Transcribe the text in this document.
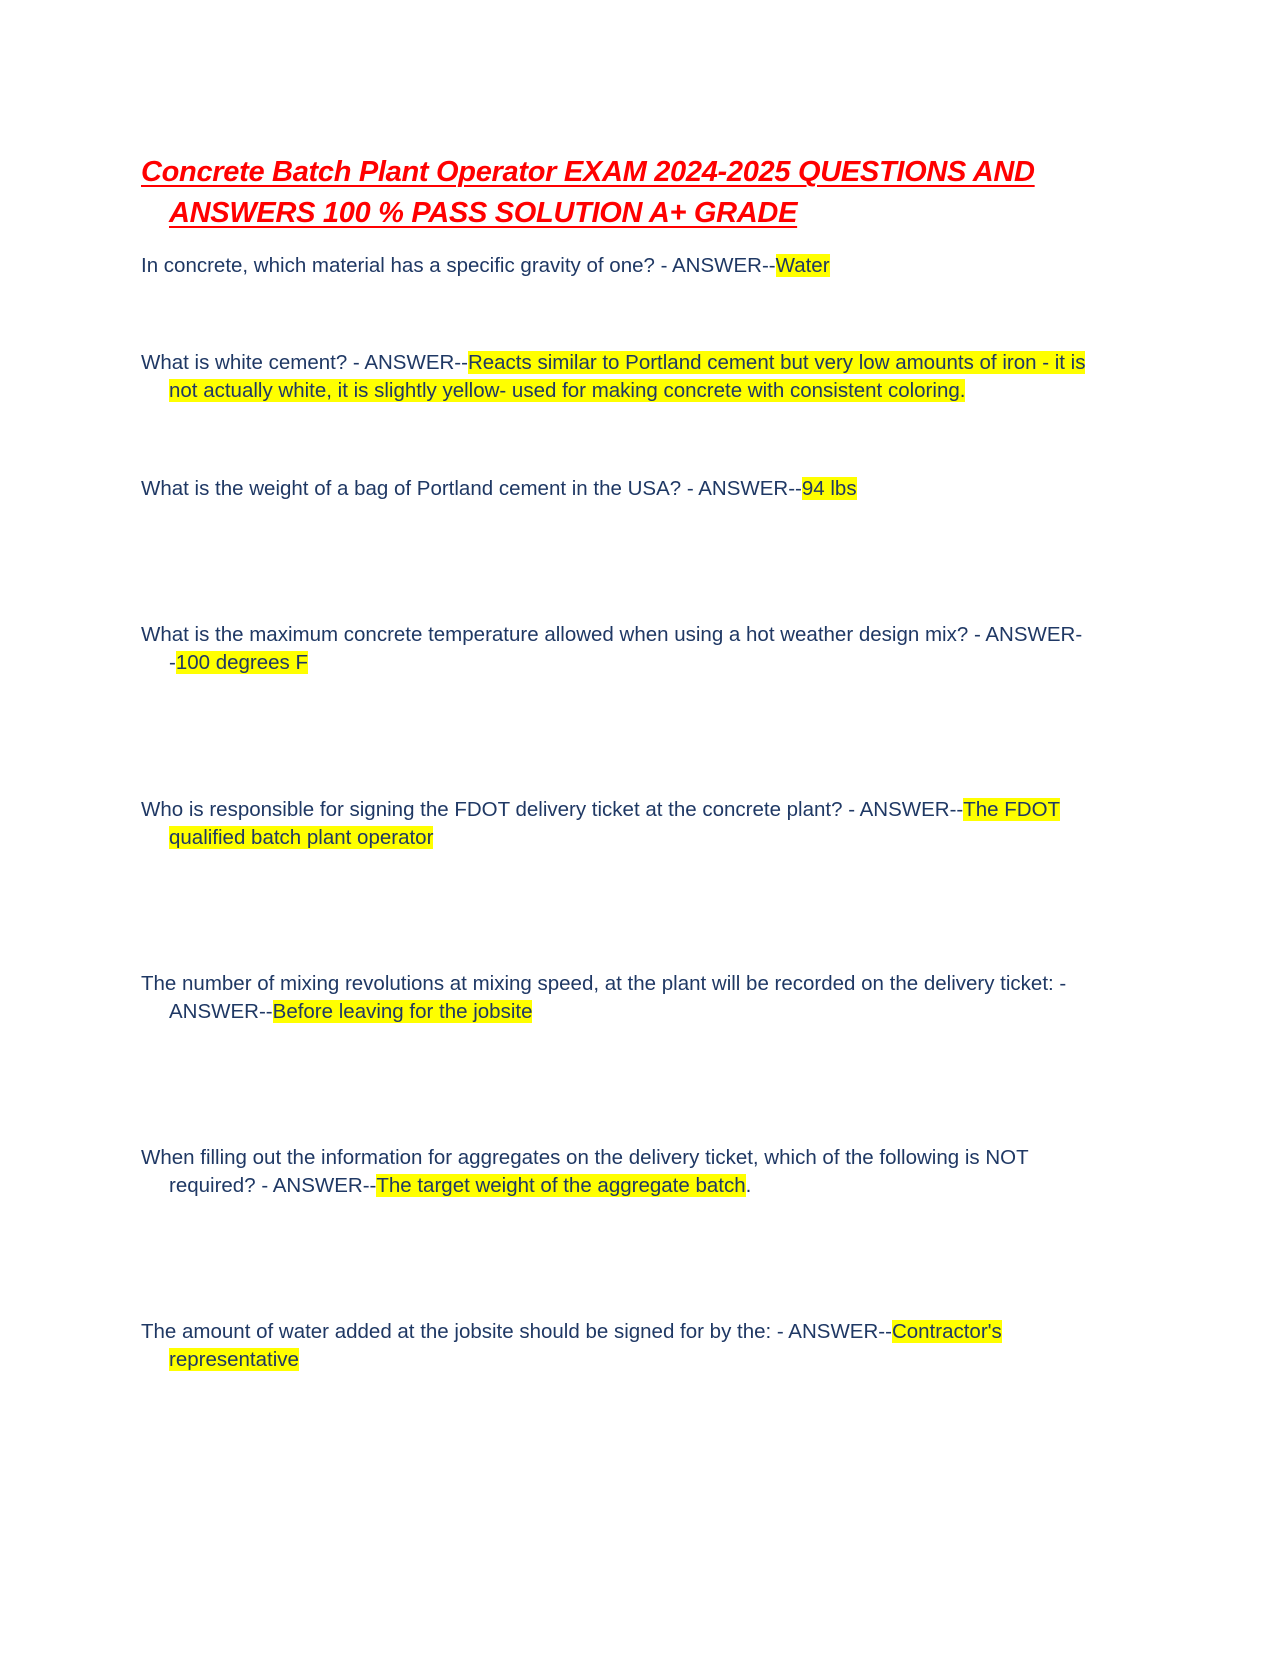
Concrete Batch Plant Operator EXAM 2024-2025 QUESTIONS AND ANSWERS 100 % PASS SOLUTION A+ GRADE

In concrete, which material has a specific gravity of one? - ANSWER--Water

What is white cement? - ANSWER--Reacts similar to Portland cement but very low amounts of iron - it is not actually white, it is slightly yellow- used for making concrete with consistent coloring.

What is the weight of a bag of Portland cement in the USA? - ANSWER--94 lbs

What is the maximum concrete temperature allowed when using a hot weather design mix? - ANSWER--100 degrees F

Who is responsible for signing the FDOT delivery ticket at the concrete plant? - ANSWER--The FDOT qualified batch plant operator

The number of mixing revolutions at mixing speed, at the plant will be recorded on the delivery ticket: - ANSWER--Before leaving for the jobsite

When filling out the information for aggregates on the delivery ticket, which of the following is NOT required? - ANSWER--The target weight of the aggregate batch.

The amount of water added at the jobsite should be signed for by the: - ANSWER--Contractor's representative
